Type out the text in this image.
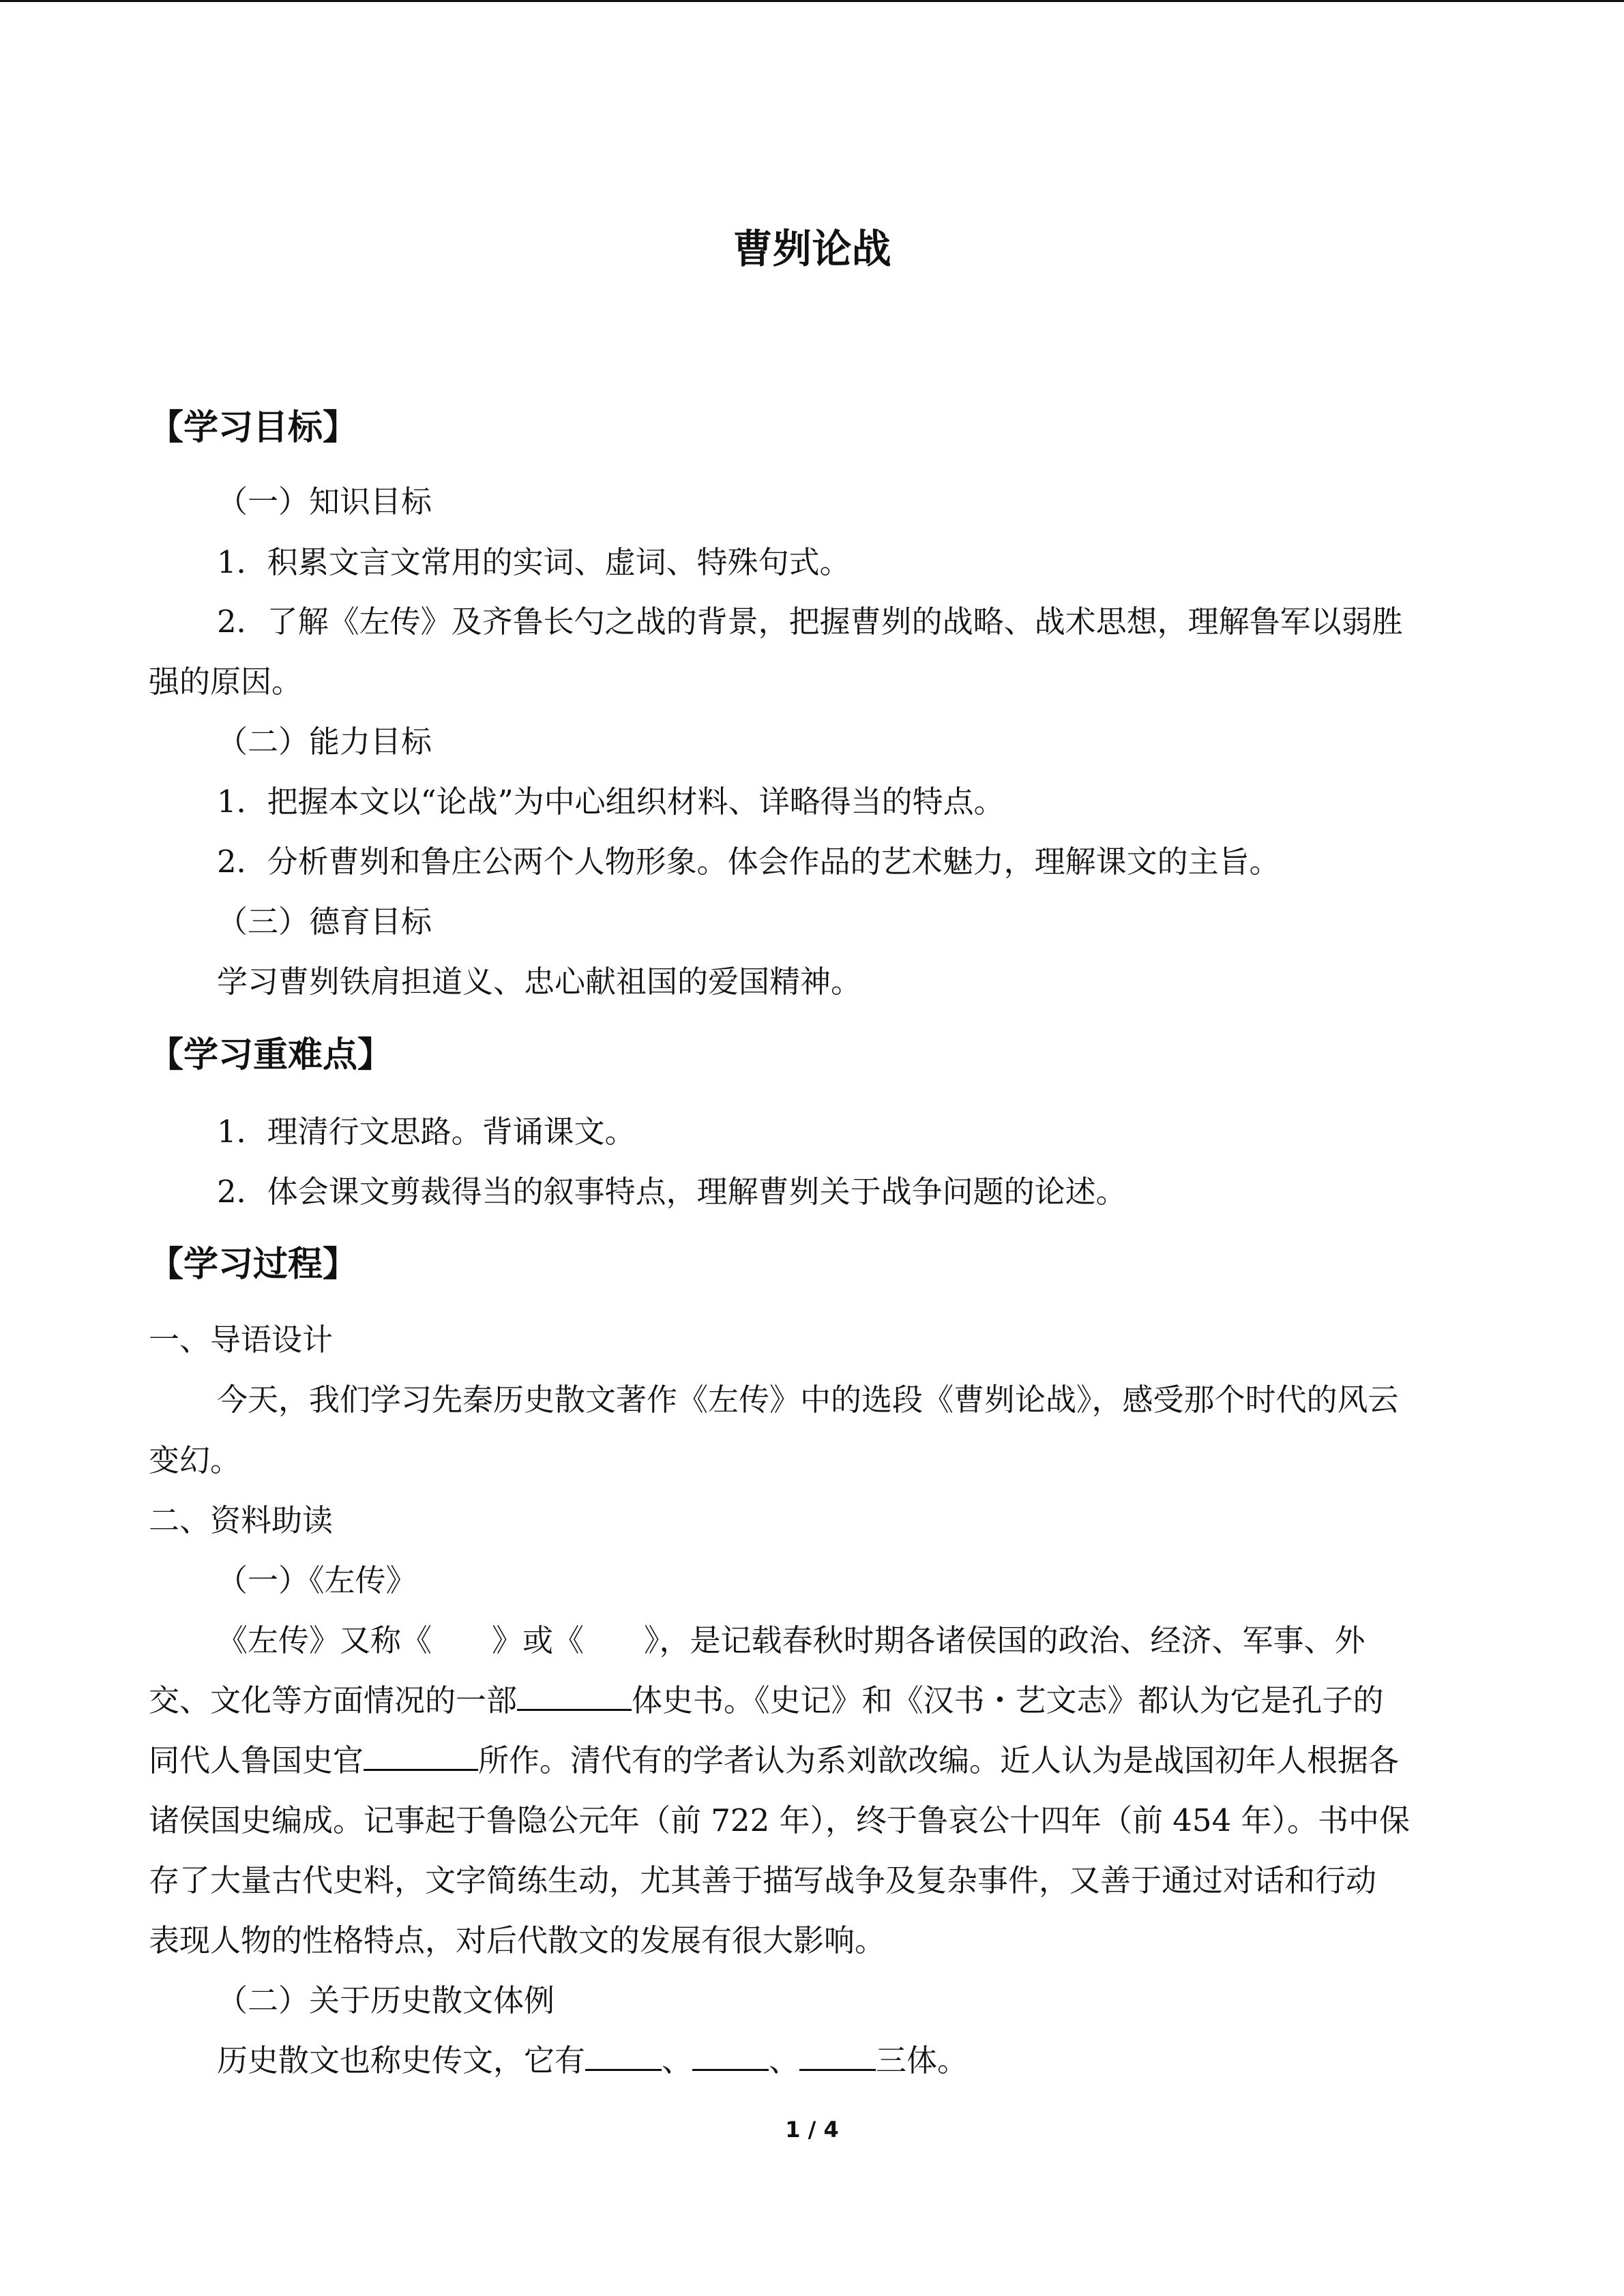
曹刿论战
【学习目标】
（一）知识目标
1．积累文言文常用的实词、虚词、特殊句式。
2．了解《左传》及齐鲁长勺之战的背景，把握曹刿的战略、战术思想，理解鲁军以弱胜
强的原因。
（二）能力目标
1．把握本文以“论战”为中心组织材料、详略得当的特点。
2．分析曹刿和鲁庄公两个人物形象。体会作品的艺术魅力，理解课文的主旨。
（三）德育目标
学习曹刿铁肩担道义、忠心献祖国的爱国精神。
【学习重难点】
1．理清行文思路。背诵课文。
2．体会课文剪裁得当的叙事特点，理解曹刿关于战争问题的论述。
【学习过程】
一、导语设计
今天，我们学习先秦历史散文著作《左传》中的选段《曹刿论战》，感受那个时代的风云
变幻。
二、资料助读
（一）《左传》
《左传》又称《 》或《 》，是记载春秋时期各诸侯国的政治、经济、军事、外
交、文化等方面情况的一部	体史书。《史记》和《汉书・艺文志》都认为它是孔子的
同代人鲁国史官	所作。清代有的学者认为系刘歆改编。近人认为是战国初年人根据各
诸侯国史编成。记事起于鲁隐公元年（前 722 年），终于鲁哀公十四年（前 454 年）。书中保
存了大量古代史料，文字简练生动，尤其善于描写战争及复杂事件，又善于通过对话和行动
表现人物的性格特点，对后代散文的发展有很大影响。
（二）关于历史散文体例
历史散文也称史传文，它有 、 、 三体。
1 / 4
